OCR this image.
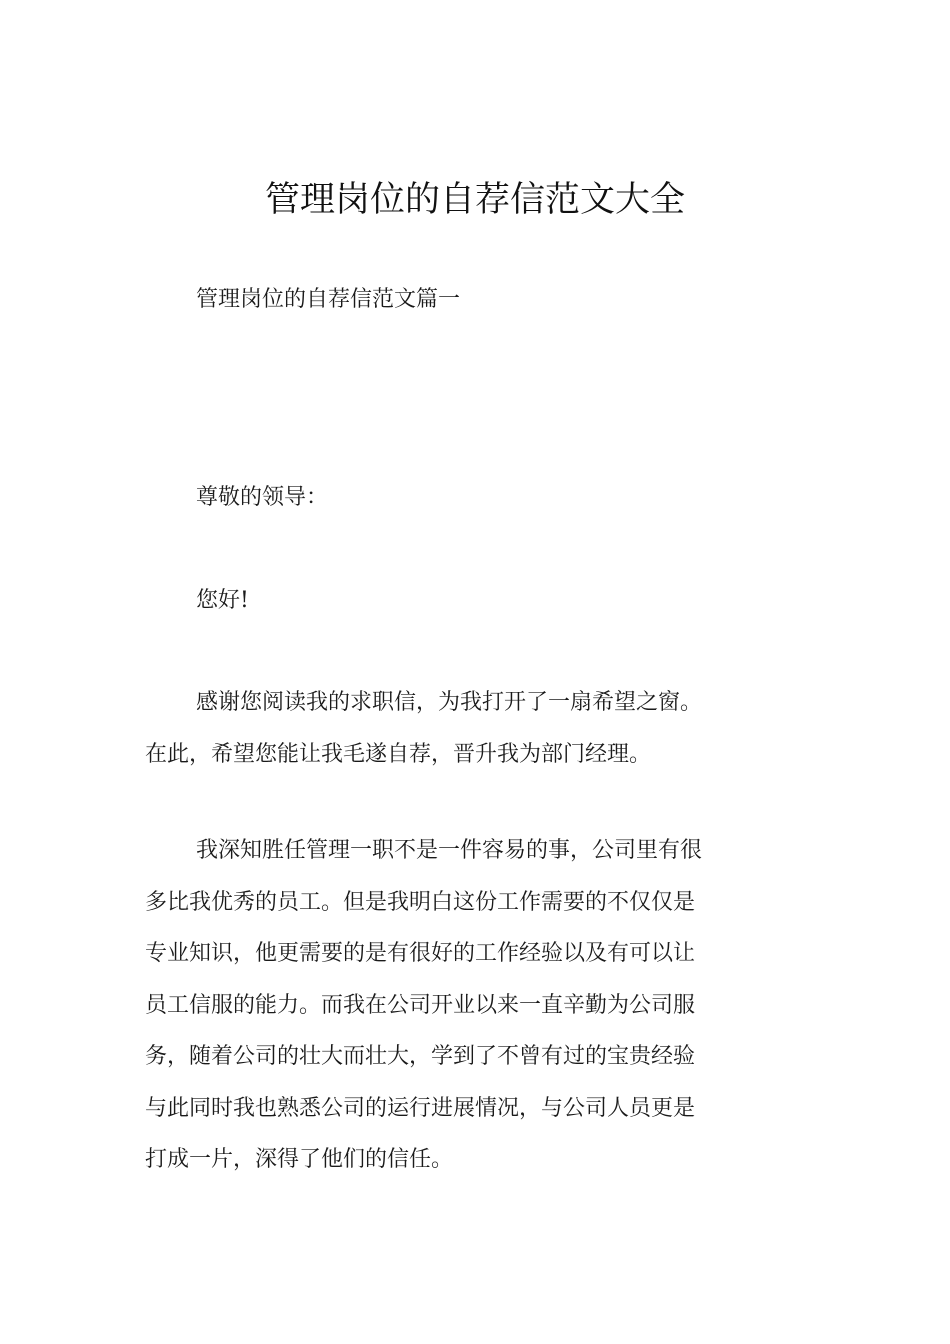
管理岗位的自荐信范文大全
管理岗位的自荐信范文篇一
尊敬的领导：
您好!
感谢您阅读我的求职信，为我打开了一扇希望之窗。
在此，希望您能让我毛遂自荐，晋升我为部门经理。
我深知胜任管理一职不是一件容易的事，公司里有很
多比我优秀的员工。但是我明白这份工作需要的不仅仅是
专业知识，他更需要的是有很好的工作经验以及有可以让
员工信服的能力。而我在公司开业以来一直辛勤为公司服
务，随着公司的壮大而壮大，学到了不曾有过的宝贵经验
与此同时我也熟悉公司的运行进展情况，与公司人员更是
打成一片，深得了他们的信任。
